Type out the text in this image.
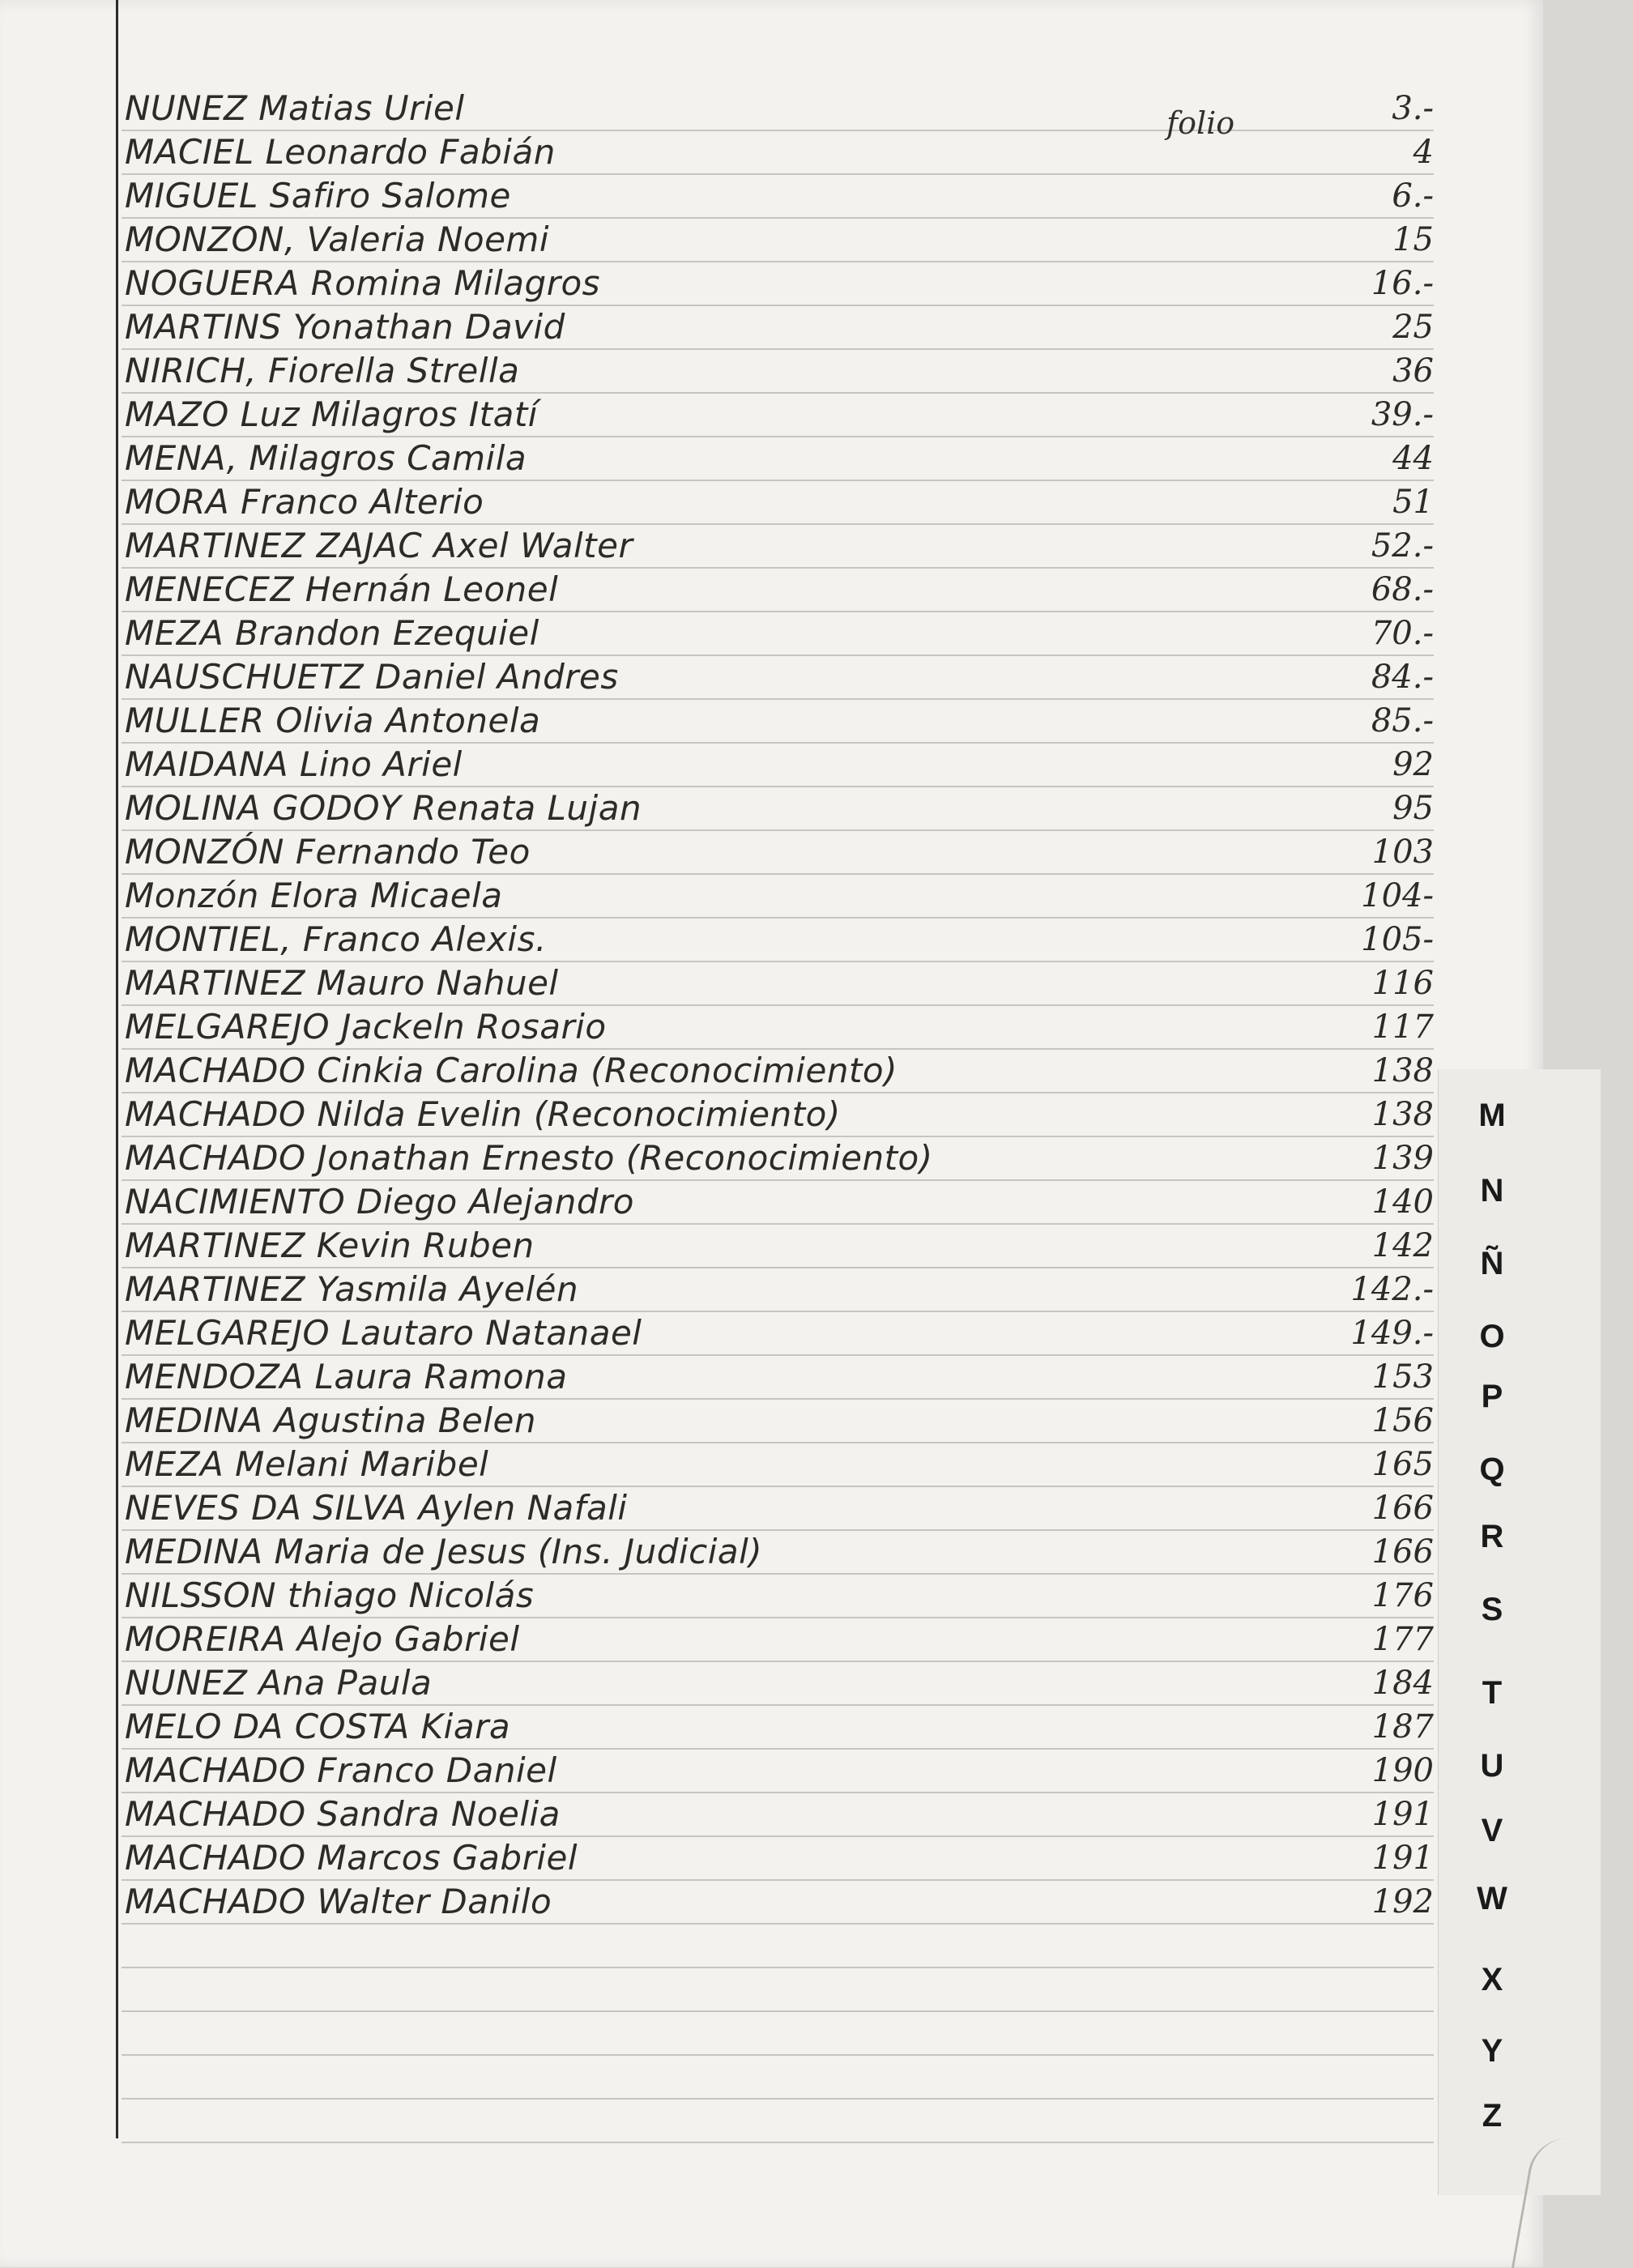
folio
NUNEZ Matias Uriel	3.-
MACIEL Leonardo Fabián	4
MIGUEL Safiro Salome	6.-
MONZON, Valeria Noemi	15
NOGUERA Romina Milagros	16.-
MARTINS Yonathan David	25
NIRICH, Fiorella Strella	36
MAZO Luz Milagros Itatí	39.-
MENA, Milagros Camila	44
MORA Franco Alterio	51
MARTINEZ ZAJAC Axel Walter	52.-
MENECEZ Hernán Leonel	68.-
MEZA Brandon Ezequiel	70.-
NAUSCHUETZ Daniel Andres	84.-
MULLER Olivia Antonela	85.-
MAIDANA Lino Ariel	92
MOLINA GODOY Renata Lujan	95
MONZÓN Fernando Teo	103
Monzón Elora Micaela	104-
MONTIEL, Franco Alexis.	105-
MARTINEZ Mauro Nahuel	116
MELGAREJO Jackeln Rosario	117
MACHADO Cinkia Carolina (Reconocimiento)	138
MACHADO Nilda Evelin (Reconocimiento)	138
MACHADO Jonathan Ernesto (Reconocimiento)	139
NACIMIENTO Diego Alejandro	140
MARTINEZ Kevin Ruben	142
MARTINEZ Yasmila Ayelén	142.-
MELGAREJO Lautaro Natanael	149.-
MENDOZA Laura Ramona	153
MEDINA Agustina Belen	156
MEZA Melani Maribel	165
NEVES DA SILVA Aylen Nafali	166
MEDINA Maria de Jesus (Ins. Judicial)	166
NILSSON thiago Nicolás	176
MOREIRA Alejo Gabriel	177
NUNEZ Ana Paula	184
MELO DA COSTA Kiara	187
MACHADO Franco Daniel	190
MACHADO Sandra Noelia	191
MACHADO Marcos Gabriel	191
MACHADO Walter Danilo	192
M
N
Ñ
O
P
Q
R
S
T
U
V
W
X
Y
Z
